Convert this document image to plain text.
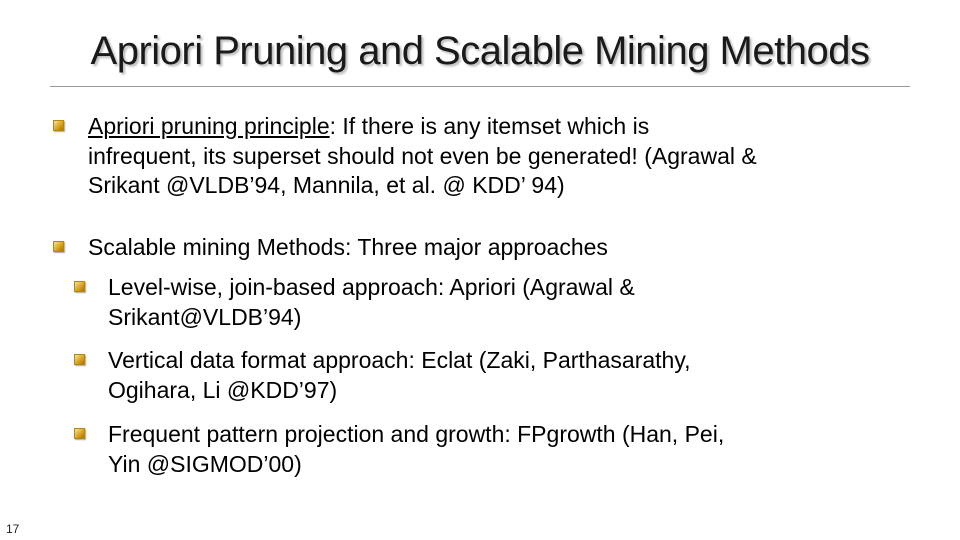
Apriori Pruning and Scalable Mining Methods
Apriori pruning principle: If there is any itemset which is
infrequent, its superset should not even be generated! (Agrawal &
Srikant @VLDB’94, Mannila, et al. @ KDD’ 94)
Scalable mining Methods: Three major approaches
Level-wise, join-based approach: Apriori (Agrawal &
Srikant@VLDB’94)
Vertical data format approach: Eclat (Zaki, Parthasarathy,
Ogihara, Li @KDD’97)
Frequent pattern projection and growth: FPgrowth (Han, Pei,
Yin @SIGMOD’00)
17
